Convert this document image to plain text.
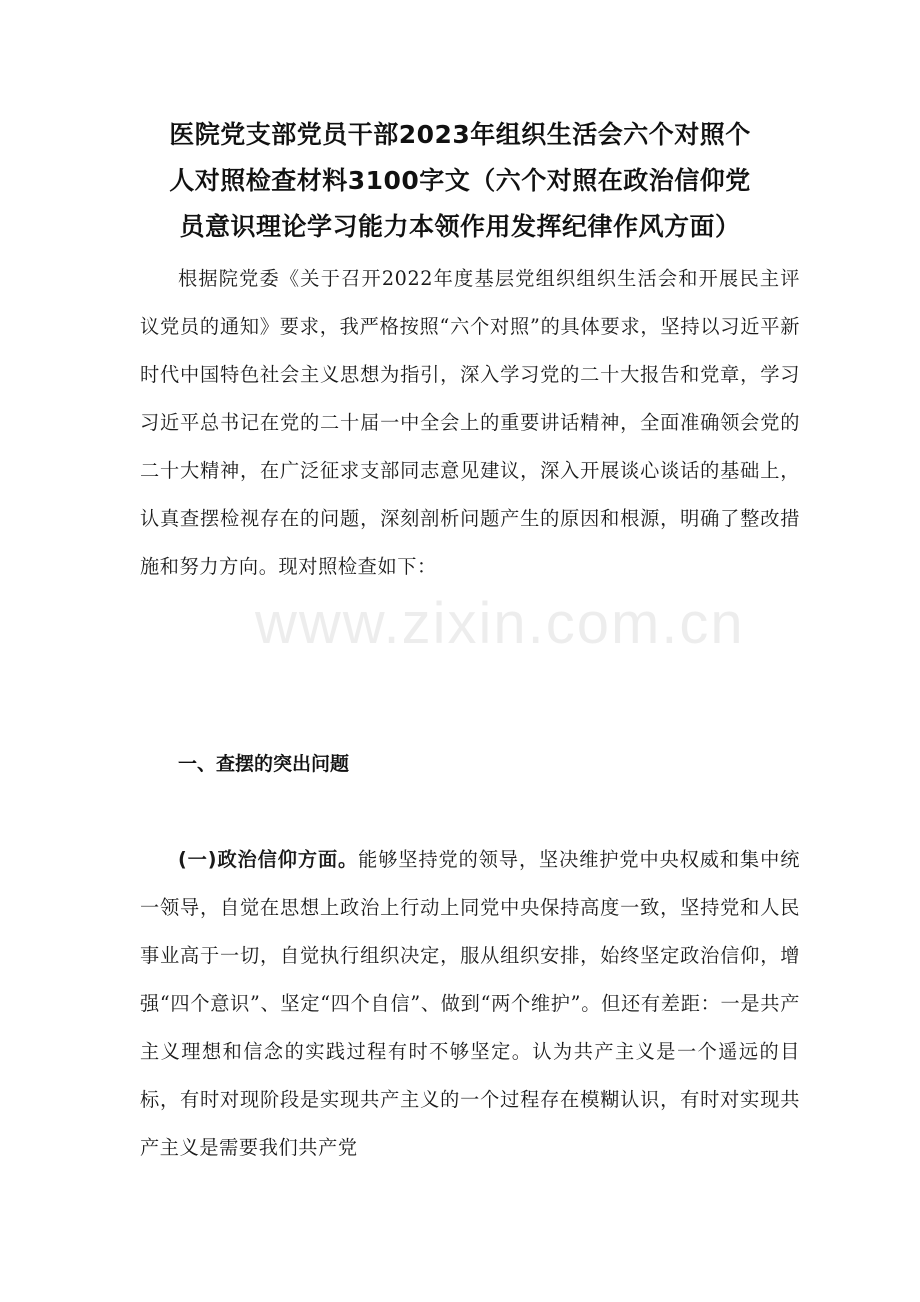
医院党支部党员干部2023年组织生活会六个对照个
人对照检查材料3100字文（六个对照在政治信仰党
员意识理论学习能力本领作用发挥纪律作风方面）

根据院党委《关于召开2022年度基层党组织组织生活会和开展民主评议党员的通知》要求，我严格按照“六个对照”的具体要求，坚持以习近平新时代中国特色社会主义思想为指引，深入学习党的二十大报告和党章，学习习近平总书记在党的二十届一中全会上的重要讲话精神，全面准确领会党的二十大精神，在广泛征求支部同志意见建议，深入开展谈心谈话的基础上，认真查摆检视存在的问题，深刻剖析问题产生的原因和根源，明确了整改措施和努力方向。现对照检查如下：

一、查摆的突出问题

(一)政治信仰方面。能够坚持党的领导，坚决维护党中央权威和集中统一领导，自觉在思想上政治上行动上同党中央保持高度一致，坚持党和人民事业高于一切，自觉执行组织决定，服从组织安排，始终坚定政治信仰，增强“四个意识”、坚定“四个自信”、做到“两个维护”。但还有差距：一是共产主义理想和信念的实践过程有时不够坚定。认为共产主义是一个遥远的目标，有时对现阶段是实现共产主义的一个过程存在模糊认识，有时对实现共产主义是需要我们共产党

www.zixin.com.cn
